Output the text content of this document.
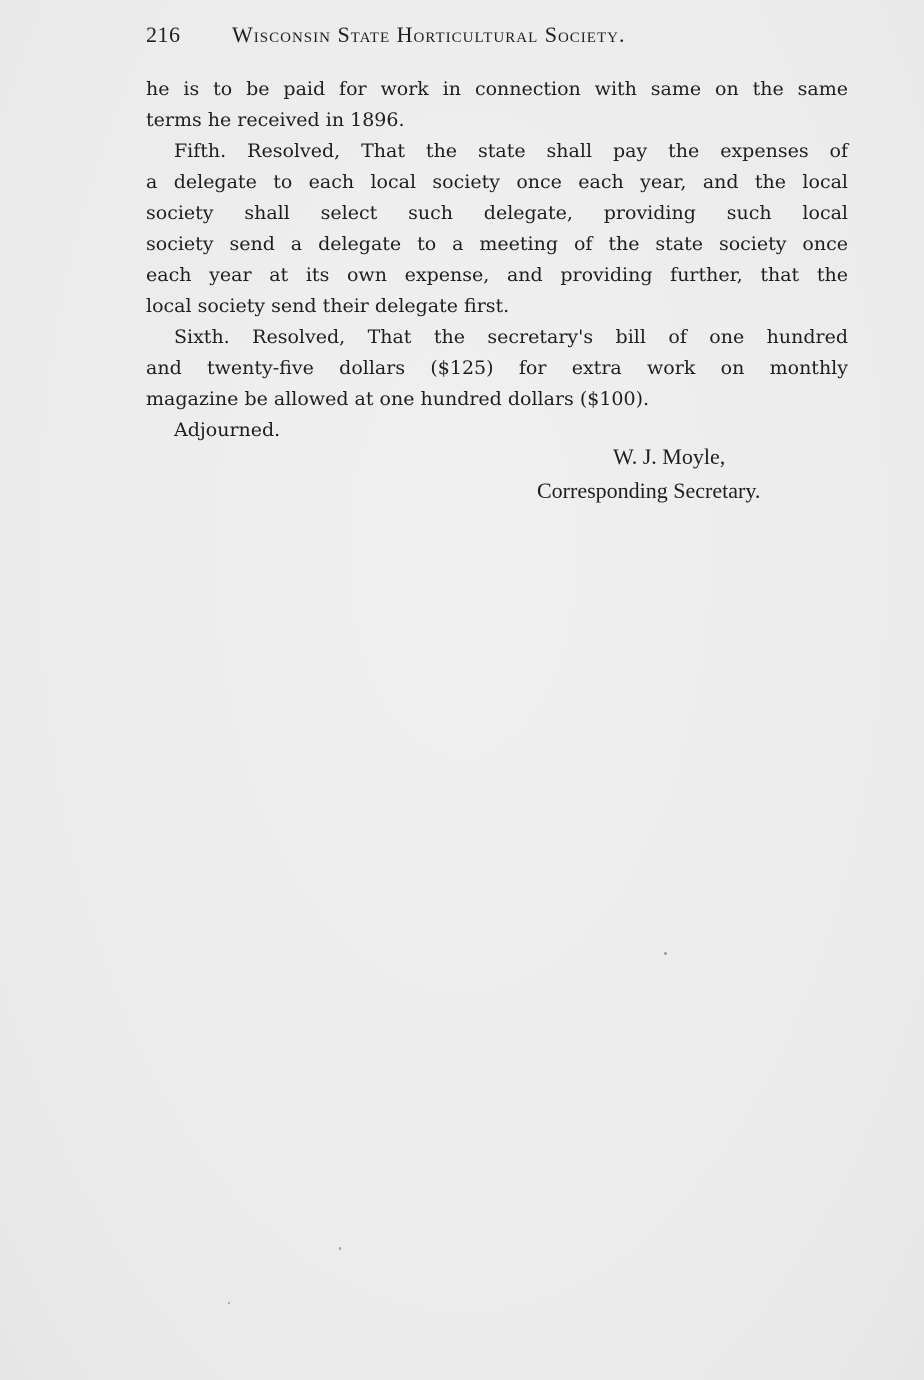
216 Wisconsin State Horticultural Society.
he is to be paid for work in connection with same on the same
terms he received in 1896.
Fifth. Resolved, That the state shall pay the expenses of
a delegate to each local society once each year, and the local
society shall select such delegate, providing such local
society send a delegate to a meeting of the state society once
each year at its own expense, and providing further, that the
local society send their delegate first.
Sixth. Resolved, That the secretary's bill of one hundred
and twenty-five dollars ($125) for extra work on monthly
magazine be allowed at one hundred dollars ($100).
Adjourned.
W. J. Moyle,
Corresponding Secretary.
